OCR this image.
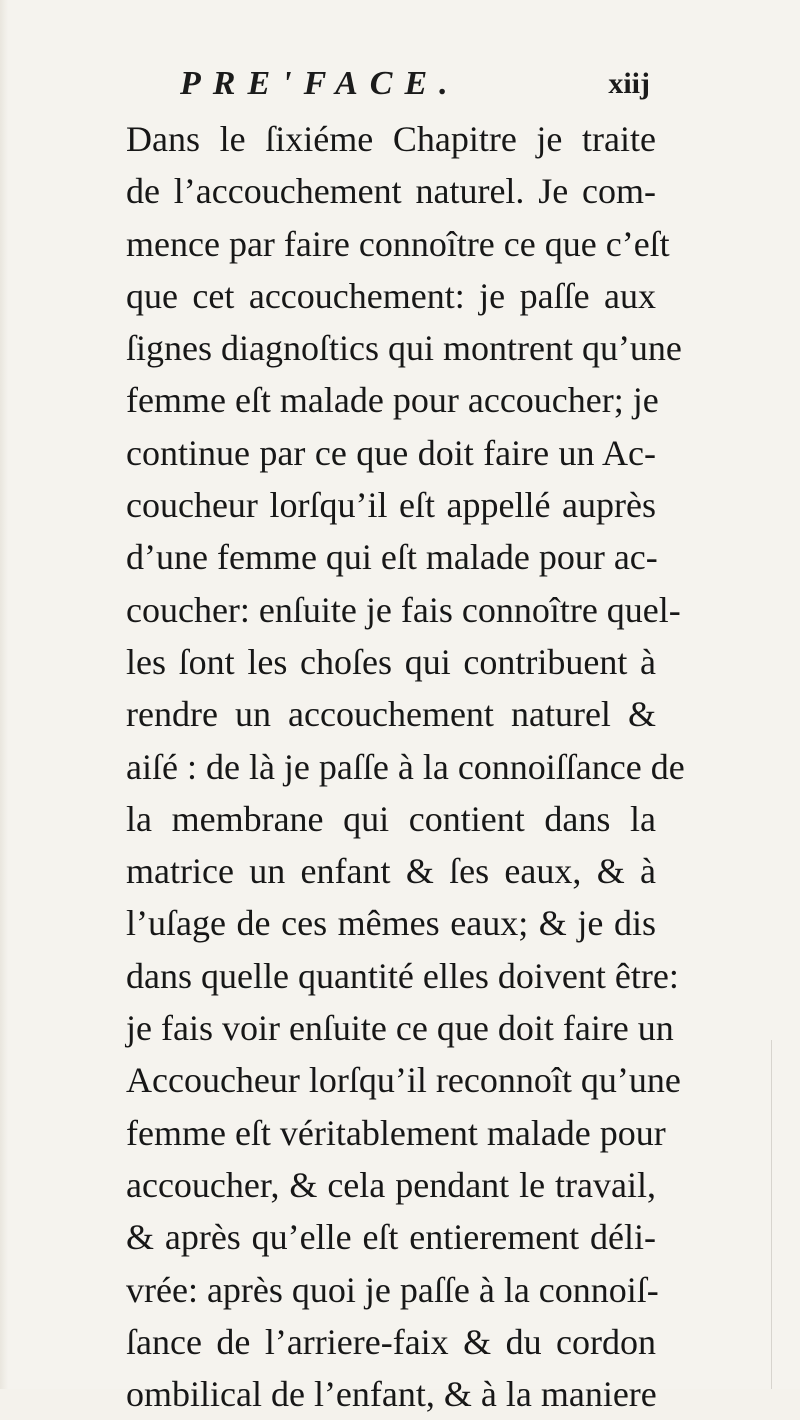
PRE'FACE.	xiij
Dans le ſixiéme Chapitre je traite
de l’accouchement naturel. Je com-
mence par faire connoître ce que c’eſt
que cet accouchement: je paſſe aux
ſignes diagnoſtics qui montrent qu’une
femme eſt malade pour accoucher; je
continue par ce que doit faire un Ac-
coucheur lorſqu’il eſt appellé auprès
d’une femme qui eſt malade pour ac-
coucher: enſuite je fais connoître quel-
les ſont les choſes qui contribuent à
rendre un accouchement naturel &
aiſé : de là je paſſe à la connoiſſance de
la membrane qui contient dans la
matrice un enfant & ſes eaux, & à
l’uſage de ces mêmes eaux; & je dis
dans quelle quantité elles doivent être:
je fais voir enſuite ce que doit faire un
Accoucheur lorſqu’il reconnoît qu’une
femme eſt véritablement malade pour
accoucher, & cela pendant le travail,
& après qu’elle eſt entierement déli-
vrée: après quoi je paſſe à la connoiſ-
ſance de l’arriere-faix & du cordon
ombilical de l’enfant, & à la maniere
